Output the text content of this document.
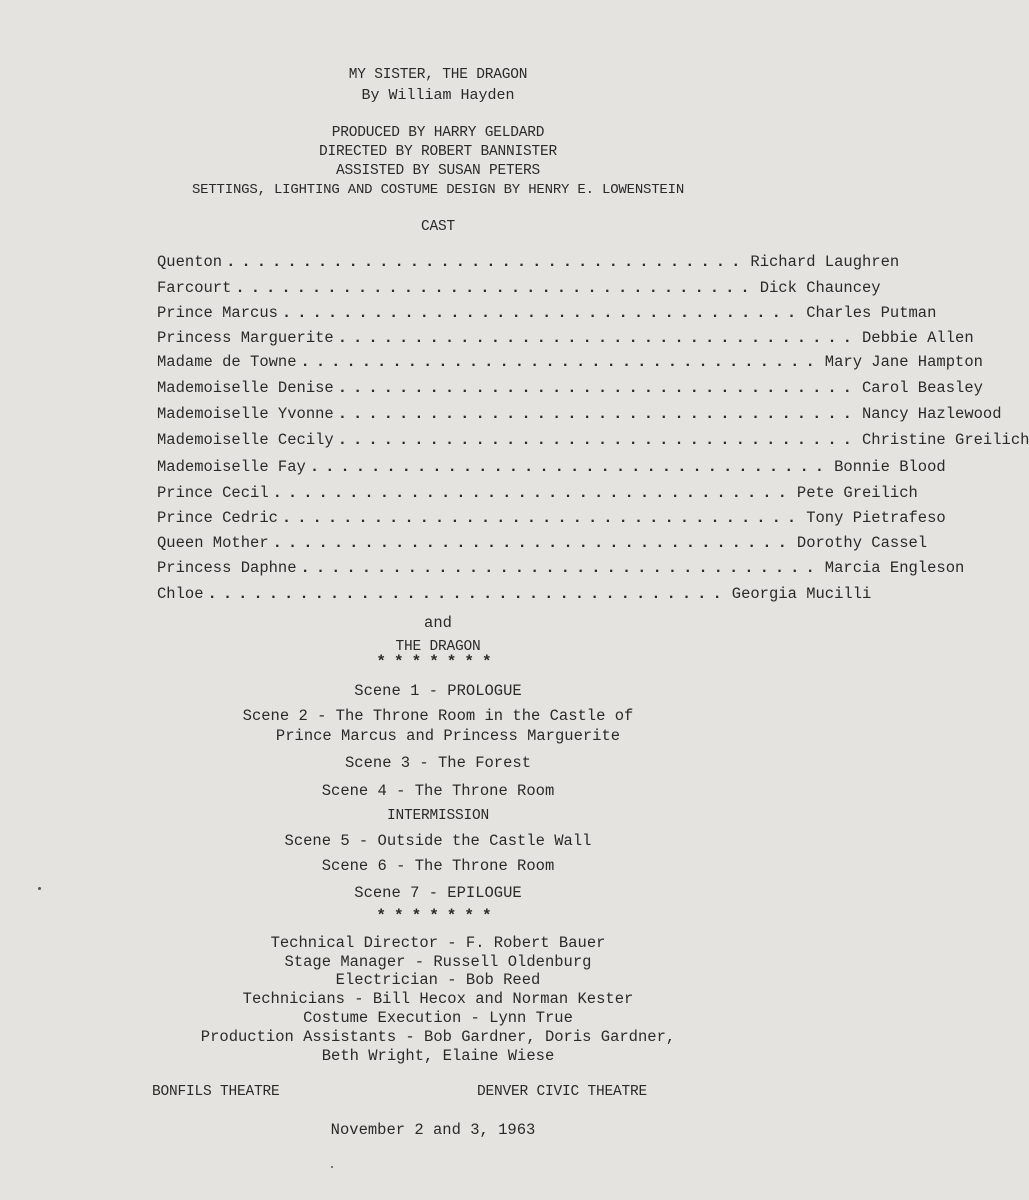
MY SISTER, THE DRAGON
By William Hayden
PRODUCED BY HARRY GELDARD
DIRECTED BY ROBERT BANNISTER
ASSISTED BY SUSAN PETERS
SETTINGS, LIGHTING AND COSTUME DESIGN BY HENRY E. LOWENSTEIN
CAST
Quenton .................................. Richard Laughren
Farcourt .................................. Dick Chauncey
Prince Marcus .................................. Charles Putman
Princess Marguerite .................................. Debbie Allen
Madame de Towne .................................. Mary Jane Hampton
Mademoiselle Denise .................................. Carol Beasley
Mademoiselle Yvonne .................................. Nancy Hazlewood
Mademoiselle Cecily .................................. Christine Greilich
Mademoiselle Fay .................................. Bonnie Blood
Prince Cecil .................................. Pete Greilich
Prince Cedric .................................. Tony Pietrafeso
Queen Mother .................................. Dorothy Cassel
Princess Daphne .................................. Marcia Engleson
Chloe .................................. Georgia Mucilli
and
THE DRAGON
*******
Scene 1 - PROLOGUE
Scene 2 - The Throne Room in the Castle of
Prince Marcus and Princess Marguerite
Scene 3 - The Forest
Scene 4 - The Throne Room
INTERMISSION
Scene 5 - Outside the Castle Wall
Scene 6 - The Throne Room
Scene 7 - EPILOGUE
*******
Technical Director - F. Robert Bauer
Stage Manager - Russell Oldenburg
Electrician - Bob Reed
Technicians - Bill Hecox and Norman Kester
Costume Execution - Lynn True
Production Assistants - Bob Gardner, Doris Gardner,
Beth Wright, Elaine Wiese
BONFILS THEATRE	DENVER CIVIC THEATRE
November 2 and 3, 1963
